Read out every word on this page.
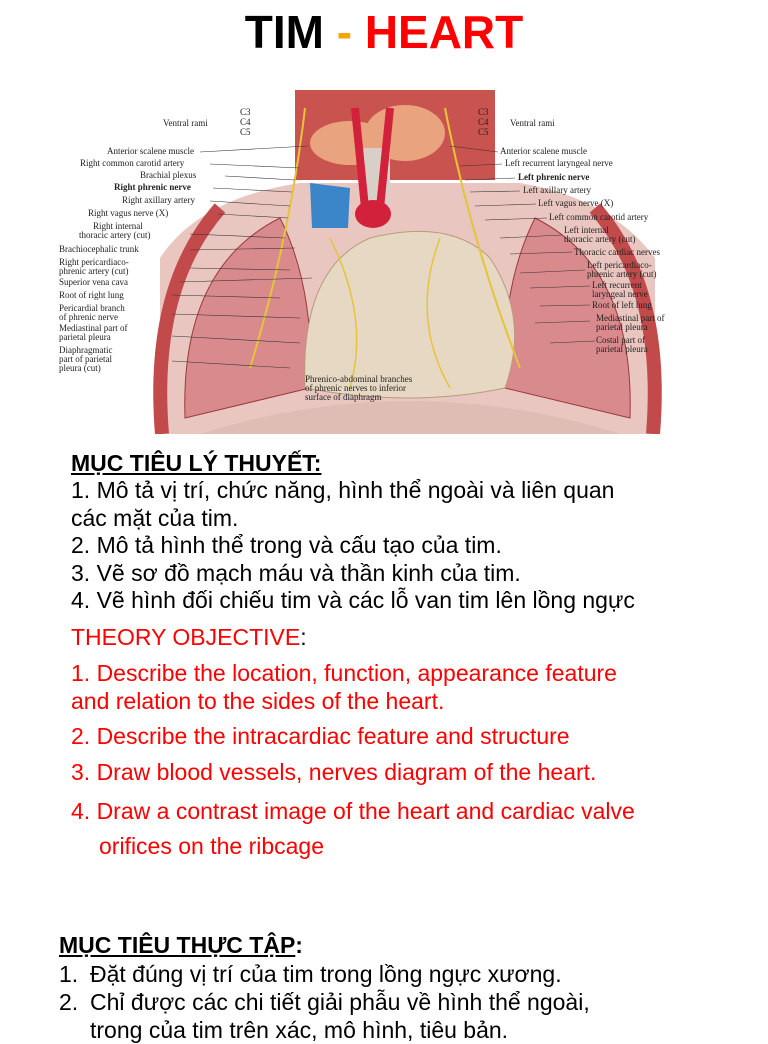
TIM - HEART
Ventral rami
C3
C4
C5
Anterior scalene muscle
Right common carotid artery
Brachial plexus
Right phrenic nerve
Right axillary artery
Right vagus nerve (X)
Right internal
thoracic artery (cut)
Brachiocephalic trunk
Right pericardiaco-
phrenic artery (cut)
Superior vena cava
Root of right lung
Pericardial branch
of phrenic nerve
Mediastinal part of
parietal pleura
Diaphragmatic
part of parietal
pleura (cut)
C3
C4
C5
Ventral rami
Anterior scalene muscle
Left recurrent laryngeal nerve
Left phrenic nerve
Left axillary artery
Left vagus nerve (X)
Left common carotid artery
Left internal
thoracic artery (cut)
Thoracic cardiac nerves
Left pericardiaco-
phrenic artery (cut)
Left recurrent
laryngeal nerve
Root of left lung
Mediastinal part of
parietal pleura
Costal part of
parietal pleura
Phrenico-abdominal branches
of phrenic nerves to inferior
surface of diaphragm

MỤC TIÊU LÝ THUYẾT:

1. Mô tả vị trí, chức năng, hình thể ngoài và liên quan

các mặt của tim.

2. Mô tả hình thể trong và cấu tạo của tim.

3. Vẽ sơ đồ mạch máu và thần kinh của tim.

4. Vẽ hình đối chiếu tim và các lỗ van tim lên lồng ngực

THEORY OBJECTIVE:

1. Describe the location, function, appearance feature
and relation to the sides of the heart.

2. Describe the intracardiac feature and structure

3. Draw blood vessels, nerves diagram of the heart.

4. Draw a contrast image of the heart and cardiac valve
orifices on the ribcage

MỤC TIÊU THỰC TẬP:

1. Đặt đúng vị trí của tim trong lồng ngực xương.

2. Chỉ được các chi tiết giải phẫu về hình thể ngoài,

trong của tim trên xác, mô hình, tiêu bản.
